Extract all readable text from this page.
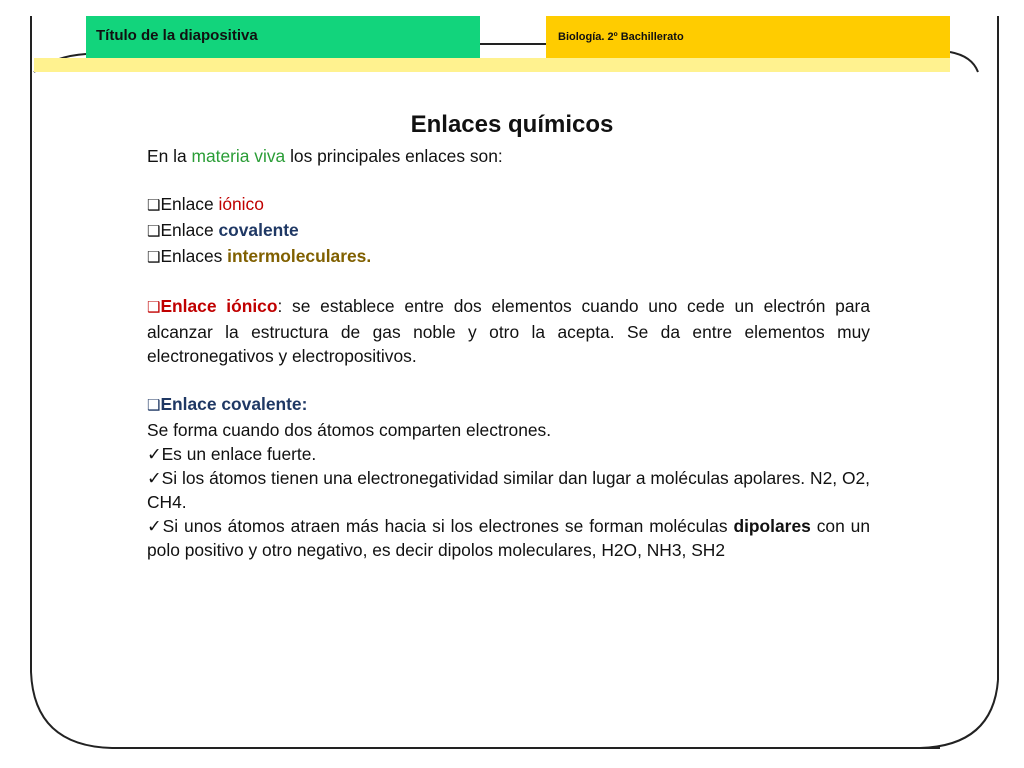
Título de la diapositiva	Biología. 2º Bachillerato
Enlaces químicos

En la materia viva los principales enlaces son:

❑Enlace iónico

❑Enlace covalente

❑Enlaces intermoleculares.

❑Enlace iónico: se establece entre dos elementos cuando uno cede un electrón para alcanzar la estructura de gas noble y otro la acepta. Se da entre elementos muy electronegativos y electropositivos.

❑Enlace covalente:

Se forma cuando dos átomos comparten electrones.

✓Es un enlace fuerte.

✓Si los átomos tienen una electronegatividad similar dan lugar a moléculas apolares. N2, O2, CH4.

✓Si unos átomos atraen más hacia si los electrones se forman moléculas dipolares con un polo positivo y otro negativo, es decir dipolos moleculares, H2O, NH3, SH2
